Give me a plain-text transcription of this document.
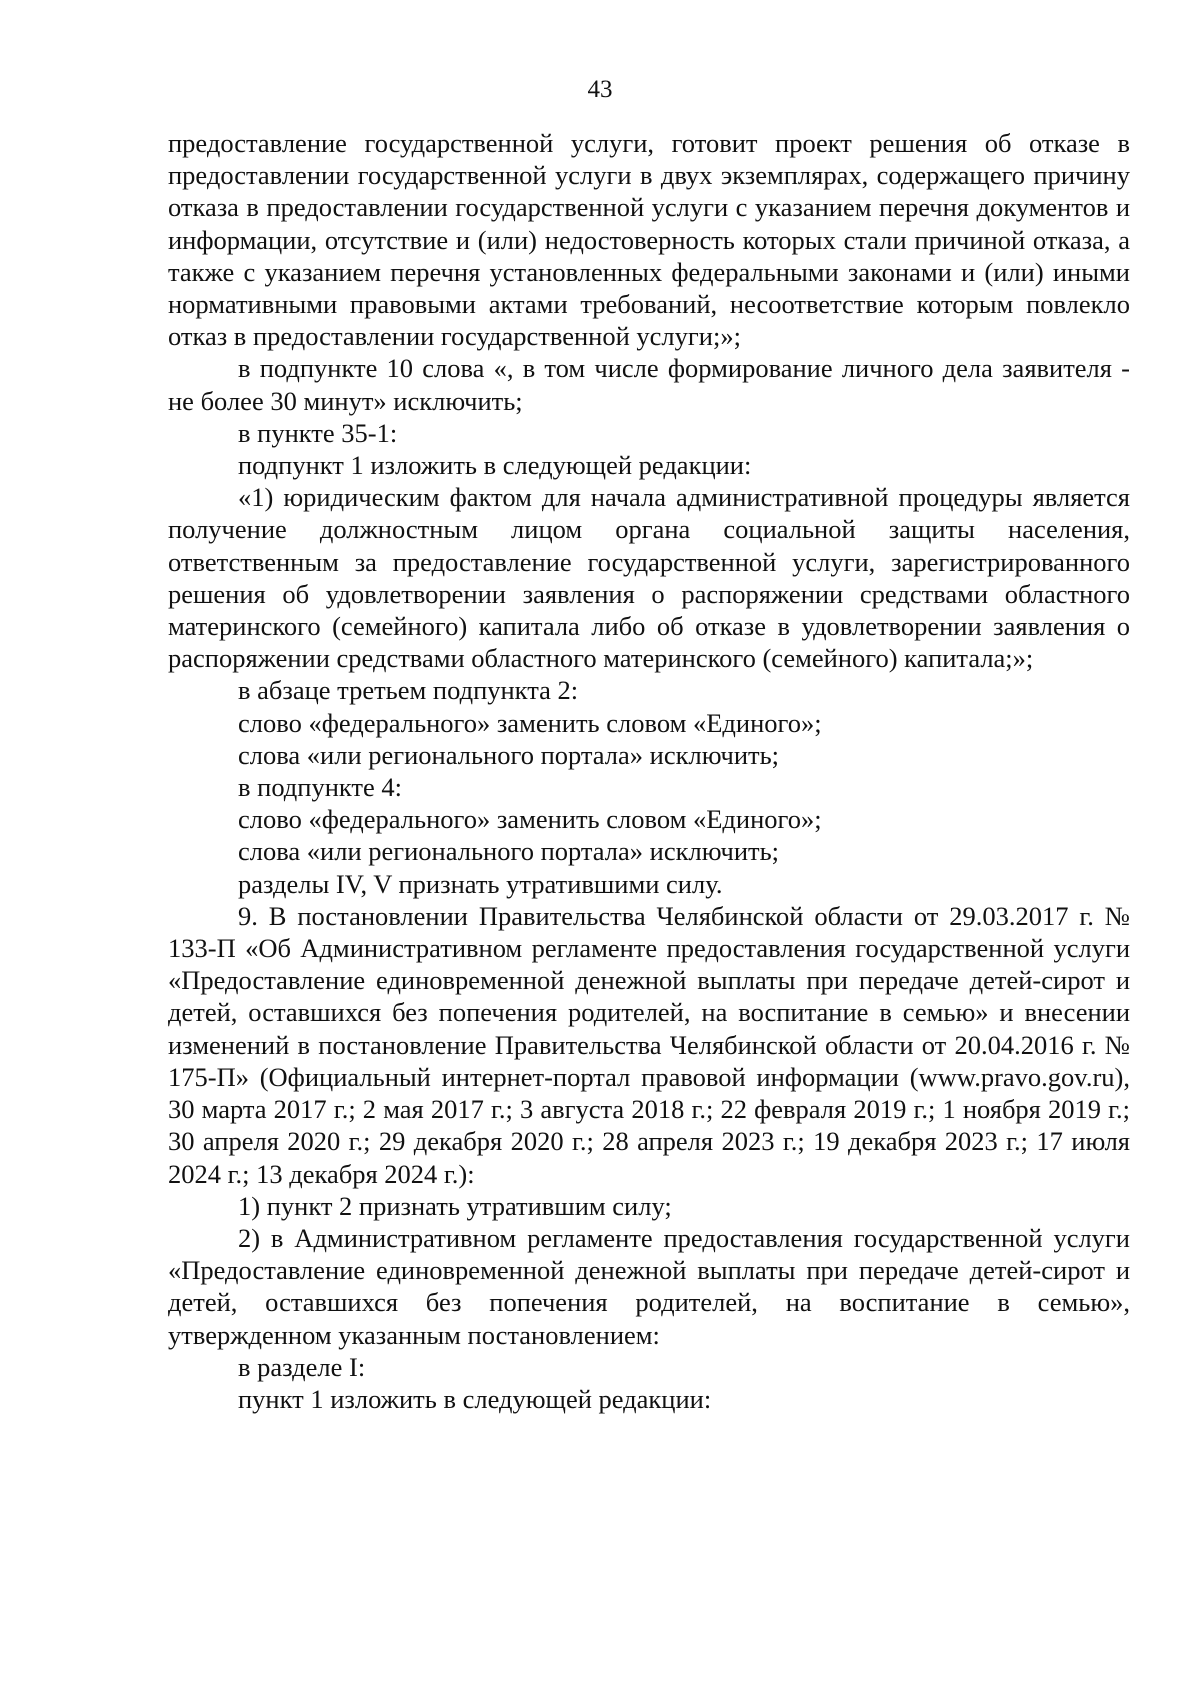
43

предоставление государственной услуги, готовит проект решения об отказе в предоставлении государственной услуги в двух экземплярах, содержащего причину отказа в предоставлении государственной услуги с указанием перечня документов и информации, отсутствие и (или) недостоверность которых стали причиной отказа, а также с указанием перечня установленных федеральными законами и (или) иными нормативными правовыми актами требований, несоответствие которым повлекло отказ в предоставлении государственной услуги;»;

в подпункте 10 слова «, в том числе формирование личного дела заявителя - не более 30 минут» исключить;

в пункте 35-1:

подпункт 1 изложить в следующей редакции:

«1) юридическим фактом для начала административной процедуры является получение должностным лицом органа социальной защиты населения, ответственным за предоставление государственной услуги, зарегистрированного решения об удовлетворении заявления о распоряжении средствами областного материнского (семейного) капитала либо об отказе в удовлетворении заявления о распоряжении средствами областного материнского (семейного) капитала;»;

в абзаце третьем подпункта 2:

слово «федерального» заменить словом «Единого»;

слова «или регионального портала» исключить;

в подпункте 4:

слово «федерального» заменить словом «Единого»;

слова «или регионального портала» исключить;

разделы IV, V признать утратившими силу.

9. В постановлении Правительства Челябинской области от 29.03.2017 г. № 133-П «Об Административном регламенте предоставления государственной услуги «Предоставление единовременной денежной выплаты при передаче детей-сирот и детей, оставшихся без попечения родителей, на воспитание в семью» и внесении изменений в постановление Правительства Челябинской области от 20.04.2016 г. № 175-П» (Официальный интернет-портал правовой информации (www.pravo.gov.ru), 30 марта 2017 г.; 2 мая 2017 г.; 3 августа 2018 г.; 22 февраля 2019 г.; 1 ноября 2019 г.; 30 апреля 2020 г.; 29 декабря 2020 г.; 28 апреля 2023 г.; 19 декабря 2023 г.; 17 июля 2024 г.; 13 декабря 2024 г.):

1) пункт 2 признать утратившим силу;

2) в Административном регламенте предоставления государственной услуги «Предоставление единовременной денежной выплаты при передаче детей-сирот и детей, оставшихся без попечения родителей, на воспитание в семью», утвержденном указанным постановлением:

в разделе I:

пункт 1 изложить в следующей редакции:
